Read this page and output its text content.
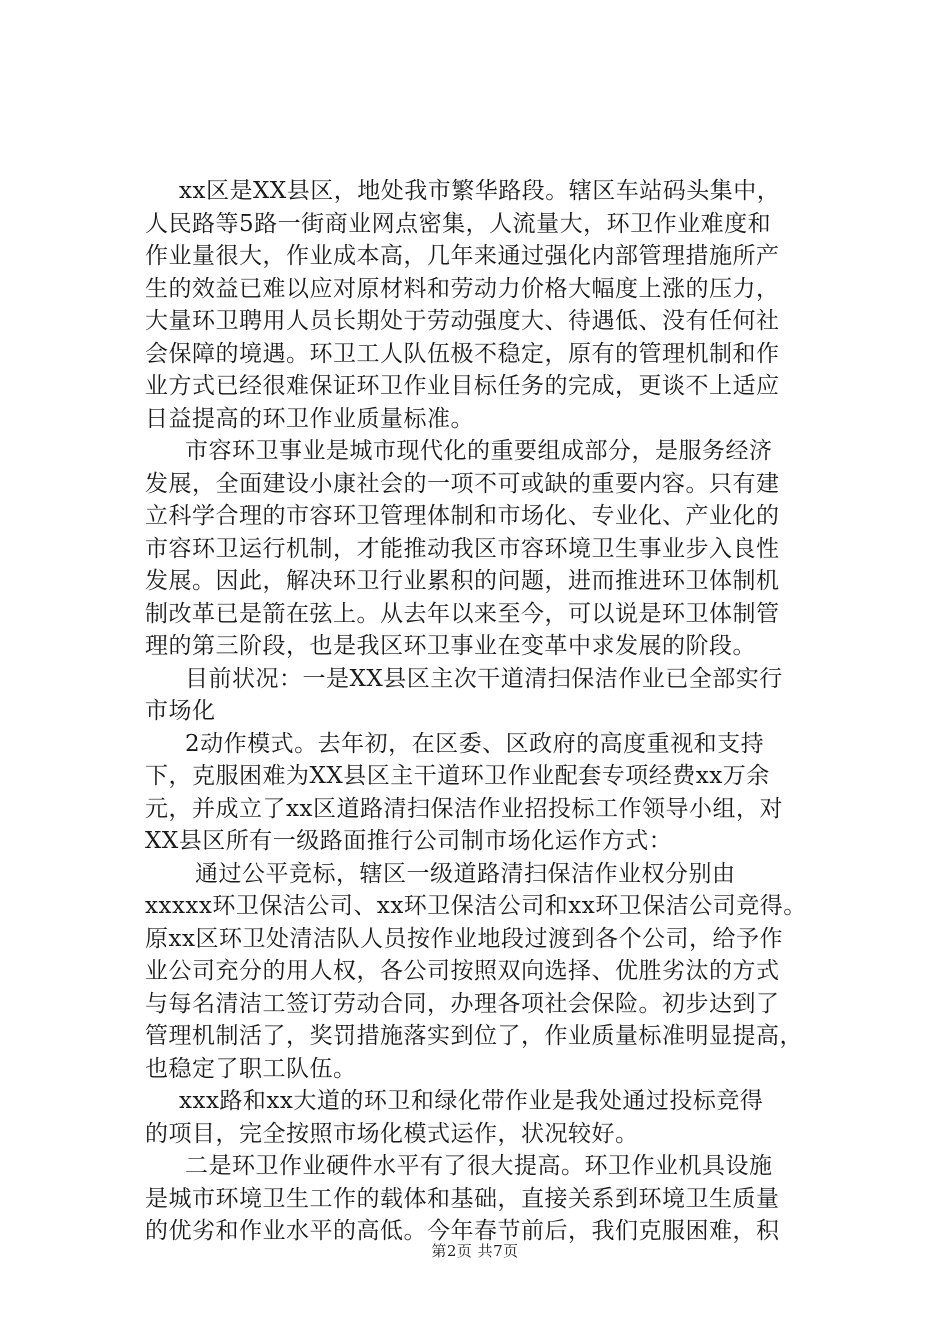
xx区是XX县区，地处我市繁华路段。辖区车站码头集中，
人民路等5路一街商业网点密集，人流量大，环卫作业难度和
作业量很大，作业成本高，几年来通过强化内部管理措施所产
生的效益已难以应对原材料和劳动力价格大幅度上涨的压力，
大量环卫聘用人员长期处于劳动强度大、待遇低、没有任何社
会保障的境遇。环卫工人队伍极不稳定，原有的管理机制和作
业方式已经很难保证环卫作业目标任务的完成，更谈不上适应
日益提高的环卫作业质量标准。
市容环卫事业是城市现代化的重要组成部分，是服务经济
发展，全面建设小康社会的一项不可或缺的重要内容。只有建
立科学合理的市容环卫管理体制和市场化、专业化、产业化的
市容环卫运行机制，才能推动我区市容环境卫生事业步入良性
发展。因此，解决环卫行业累积的问题，进而推进环卫体制机
制改革已是箭在弦上。从去年以来至今，可以说是环卫体制管
理的第三阶段，也是我区环卫事业在变革中求发展的阶段。
目前状况：一是XX县区主次干道清扫保洁作业已全部实行
市场化
2动作模式。去年初，在区委、区政府的高度重视和支持
下，克服困难为XX县区主干道环卫作业配套专项经费xx万余
元，并成立了xx区道路清扫保洁作业招投标工作领导小组，对
XX县区所有一级路面推行公司制市场化运作方式：
通过公平竞标，辖区一级道路清扫保洁作业权分别由
xxxxx环卫保洁公司、xx环卫保洁公司和xx环卫保洁公司竞得。
原xx区环卫处清洁队人员按作业地段过渡到各个公司，给予作
业公司充分的用人权，各公司按照双向选择、优胜劣汰的方式
与每名清洁工签订劳动合同，办理各项社会保险。初步达到了
管理机制活了，奖罚措施落实到位了，作业质量标准明显提高，
也稳定了职工队伍。
xxx路和xx大道的环卫和绿化带作业是我处通过投标竞得
的项目，完全按照市场化模式运作，状况较好。
二是环卫作业硬件水平有了很大提高。环卫作业机具设施
是城市环境卫生工作的载体和基础，直接关系到环境卫生质量
的优劣和作业水平的高低。今年春节前后，我们克服困难，积
第2页 共7页
